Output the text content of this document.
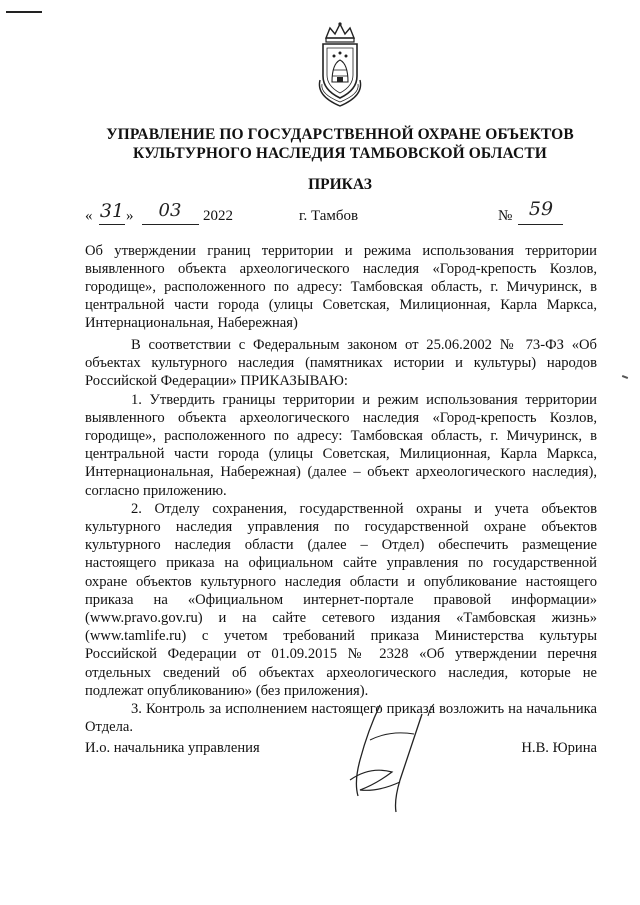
УПРАВЛЕНИЕ ПО ГОСУДАРСТВЕННОЙ ОХРАНЕ ОБЪЕКТОВ
КУЛЬТУРНОГО НАСЛЕДИЯ ТАМБОВСКОЙ ОБЛАСТИ
ПРИКАЗ
« 31 »	03	2022	г. Тамбов	№ 59
Об утверждении границ территории и режима использования территории выявленного объекта археологического наследия «Город-крепость Козлов, городище», расположенного по адресу: Тамбовская область, г. Мичуринск, в центральной части города (улицы Советская, Милиционная, Карла Маркса, Интернациональная, Набережная)

В соответствии с Федеральным законом от 25.06.2002 № 73-ФЗ «Об объектах культурного наследия (памятниках истории и культуры) народов Российской Федерации» ПРИКАЗЫВАЮ:

1. Утвердить границы территории и режим использования территории выявленного объекта археологического наследия «Город-крепость Козлов, городище», расположенного по адресу: Тамбовская область, г. Мичуринск, в центральной части города (улицы Советская, Милиционная, Карла Маркса, Интернациональная, Набережная) (далее – объект археологического наследия), согласно приложению.

2. Отделу сохранения, государственной охраны и учета объектов культурного наследия управления по государственной охране объектов культурного наследия области (далее – Отдел) обеспечить размещение настоящего приказа на официальном сайте управления по государственной охране объектов культурного наследия области и опубликование настоящего приказа на «Официальном интернет-портале правовой информации» (www.pravo.gov.ru) и на сайте сетевого издания «Тамбовская жизнь» (www.tamlife.ru) с учетом требований приказа Министерства культуры Российской Федерации от 01.09.2015 № 2328 «Об утверждении перечня отдельных сведений об объектах археологического наследия, которые не подлежат опубликованию» (без приложения).

3. Контроль за исполнением настоящего приказа возложить на начальника Отдела.

И.о. начальника управления	Н.В. Юрина
